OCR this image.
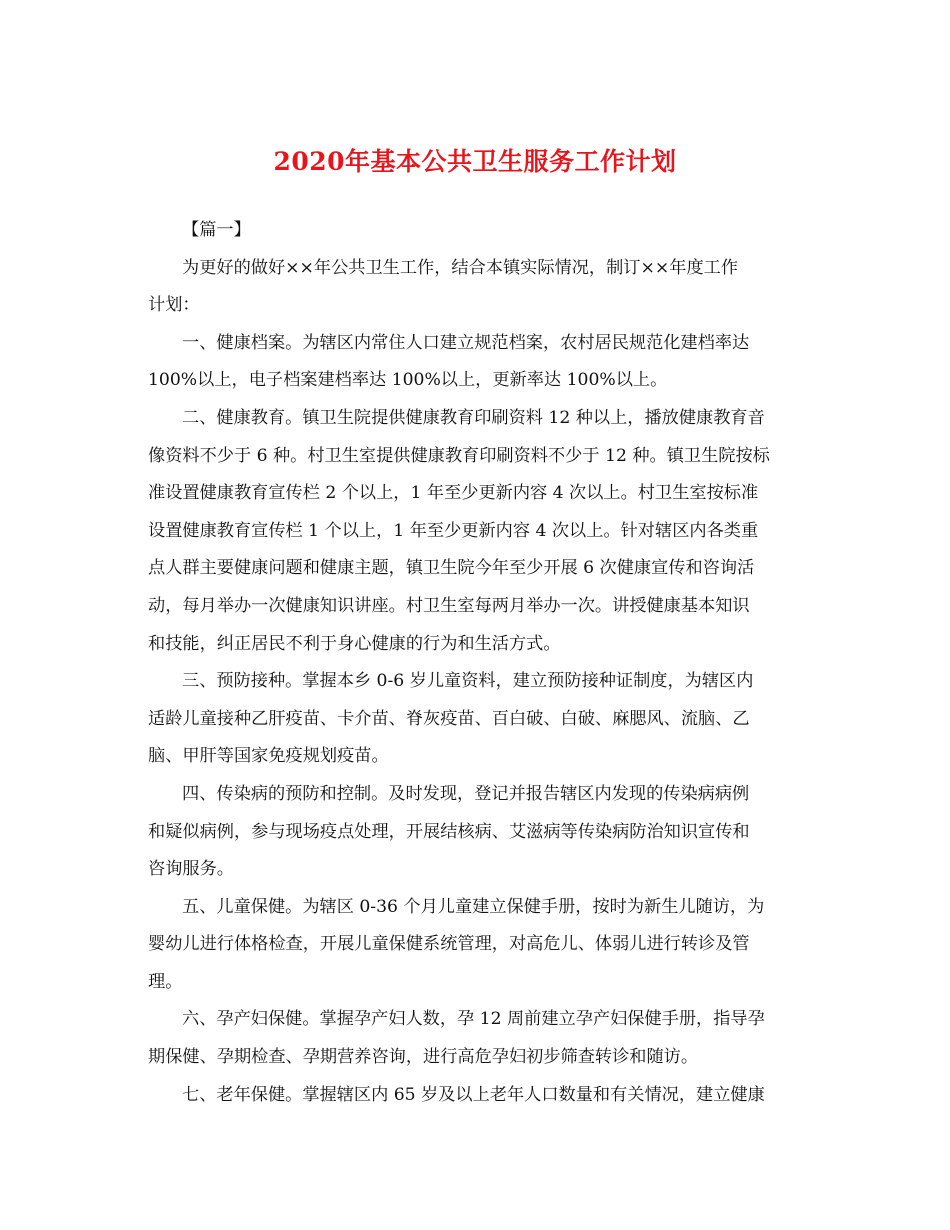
2020年基本公共卫生服务工作计划
【篇一】
为更好的做好××年公共卫生工作，结合本镇实际情况，制订××年度工作
计划：
一、健康档案。为辖区内常住人口建立规范档案，农村居民规范化建档率达
100%以上，电子档案建档率达 100%以上，更新率达 100%以上。
二、健康教育。镇卫生院提供健康教育印刷资料 12 种以上，播放健康教育音
像资料不少于 6 种。村卫生室提供健康教育印刷资料不少于 12 种。镇卫生院按标
准设置健康教育宣传栏 2 个以上，1 年至少更新内容 4 次以上。村卫生室按标准
设置健康教育宣传栏 1 个以上，1 年至少更新内容 4 次以上。针对辖区内各类重
点人群主要健康问题和健康主题，镇卫生院今年至少开展 6 次健康宣传和咨询活
动，每月举办一次健康知识讲座。村卫生室每两月举办一次。讲授健康基本知识
和技能，纠正居民不利于身心健康的行为和生活方式。
三、预防接种。掌握本乡 0-6 岁儿童资料，建立预防接种证制度，为辖区内
适龄儿童接种乙肝疫苗、卡介苗、脊灰疫苗、百白破、白破、麻腮风、流脑、乙
脑、甲肝等国家免疫规划疫苗。
四、传染病的预防和控制。及时发现，登记并报告辖区内发现的传染病病例
和疑似病例，参与现场疫点处理，开展结核病、艾滋病等传染病防治知识宣传和
咨询服务。
五、儿童保健。为辖区 0-36 个月儿童建立保健手册，按时为新生儿随访，为
婴幼儿进行体格检查，开展儿童保健系统管理，对高危儿、体弱儿进行转诊及管
理。
六、孕产妇保健。掌握孕产妇人数，孕 12 周前建立孕产妇保健手册，指导孕
期保健、孕期检查、孕期营养咨询，进行高危孕妇初步筛查转诊和随访。
七、老年保健。掌握辖区内 65 岁及以上老年人口数量和有关情况，建立健康
